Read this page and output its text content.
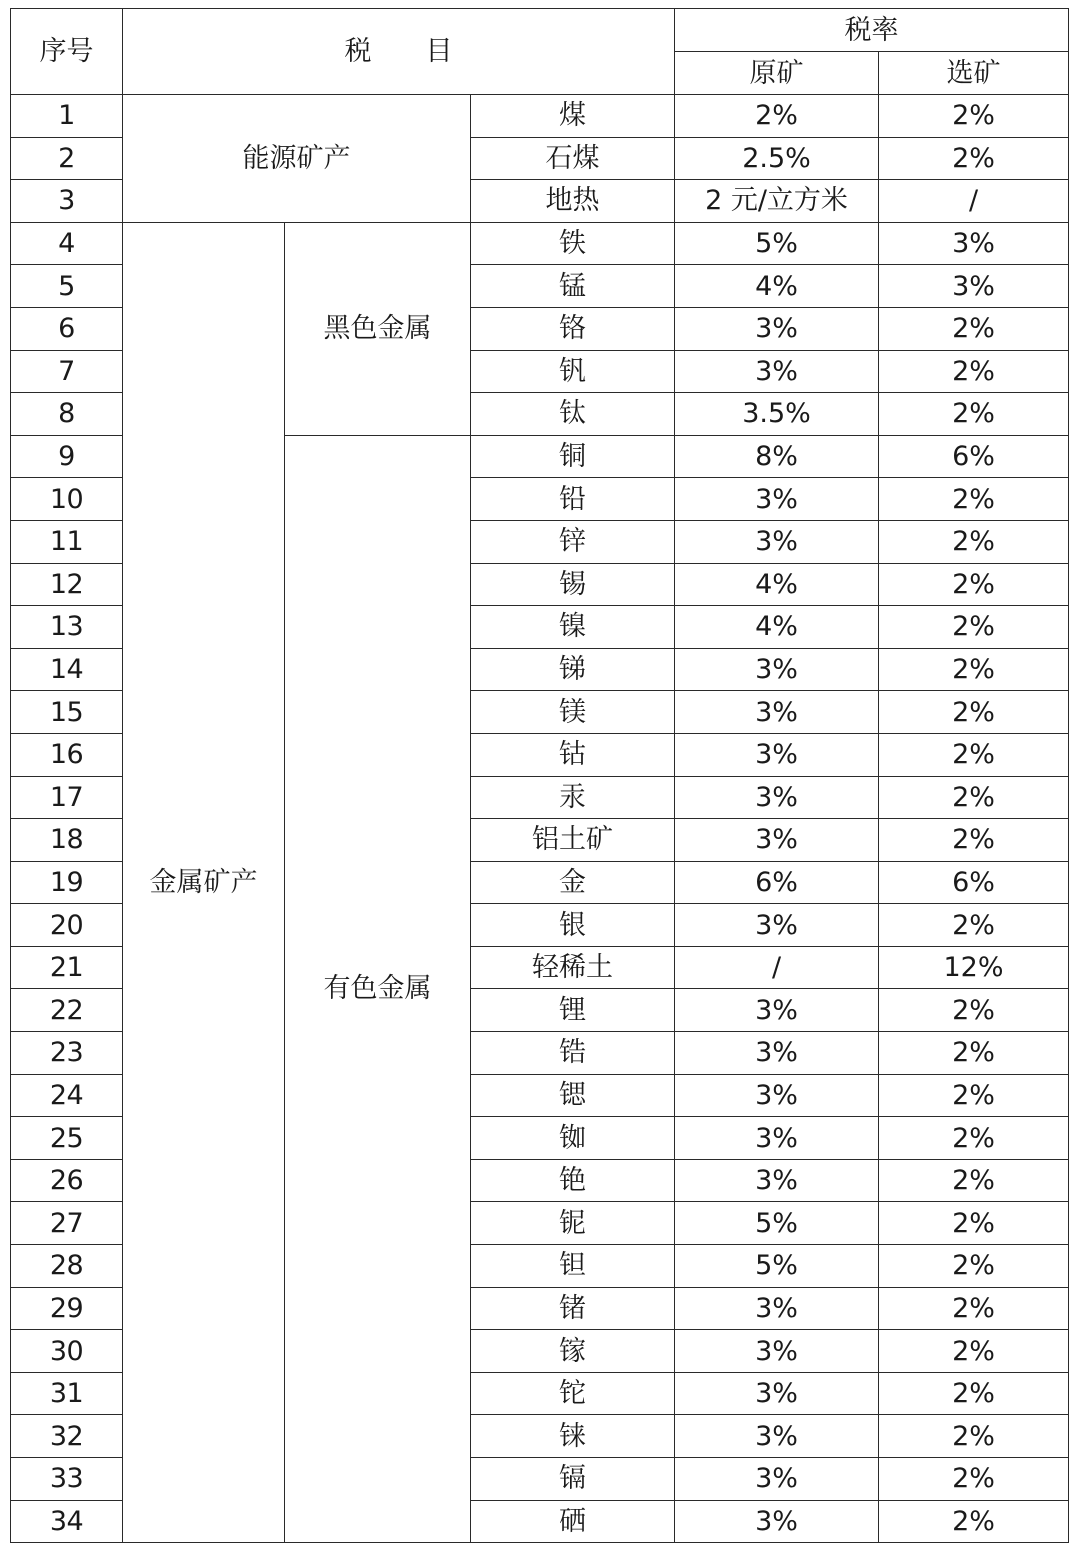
序号	税　　目			税率	
				原矿	选矿
1	能源矿产		煤	2%	2%
2			石煤	2.5%	2%
3			地热	2 元/立方米	/
4	金属矿产	黑色金属	铁	5%	3%
5			锰	4%	3%
6			铬	3%	2%
7			钒	3%	2%
8			钛	3.5%	2%
9		有色金属	铜	8%	6%
10			铅	3%	2%
11			锌	3%	2%
12			锡	4%	2%
13			镍	4%	2%
14			锑	3%	2%
15			镁	3%	2%
16			钴	3%	2%
17			汞	3%	2%
18			铝土矿	3%	2%
19			金	6%	6%
20			银	3%	2%
21			轻稀土	/	12%
22			锂	3%	2%
23			锆	3%	2%
24			锶	3%	2%
25			铷	3%	2%
26			铯	3%	2%
27			铌	5%	2%
28			钽	5%	2%
29			锗	3%	2%
30			镓	3%	2%
31			铊	3%	2%
32			铼	3%	2%
33			镉	3%	2%
34			硒	3%	2%
